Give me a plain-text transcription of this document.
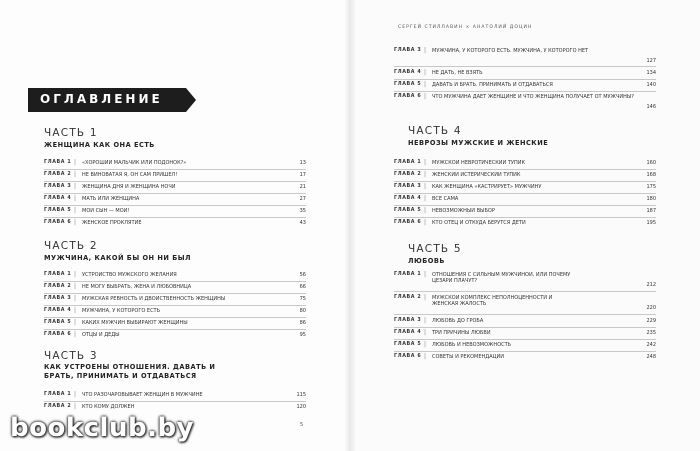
ОГЛАВЛЕНИЕ
ЧАСТЬ 1
ЖЕНЩИНА КАК ОНА ЕСТЬ
ГЛАВА 1 |	«ХОРОШИЙ МАЛЬЧИК ИЛИ ПОДОНОК?»	13
ГЛАВА 2 |	НЕ ВИНОВАТАЯ Я, ОН САМ ПРИШЕЛ!	17
ГЛАВА 3 |	ЖЕНЩИНА ДНЯ И ЖЕНЩИНА НОЧИ	21
ГЛАВА 4 |	МАТЬ ИЛИ ЖЕНЩИНА	27
ГЛАВА 5 |	МОЙ СЫН — МОЙ!	35
ГЛАВА 6 |	ЖЕНСКОЕ ПРОКЛЯТИЕ	43
ЧАСТЬ 2
МУЖЧИНА, КАКОЙ БЫ ОН НИ БЫЛ
ГЛАВА 1 |	УСТРОЙСТВО МУЖСКОГО ЖЕЛАНИЯ	56
ГЛАВА 2 |	НЕ МОГУ ВЫБРАТЬ, ЖЕНА И ЛЮБОВНИЦА	66
ГЛАВА 3 |	МУЖСКАЯ РЕВНОСТЬ И ДВОЙСТВЕННОСТЬ ЖЕНЩИНЫ	75
ГЛАВА 4 |	МУЖЧИНА, У КОТОРОГО ЕСТЬ	80
ГЛАВА 5 |	КАКИХ МУЖЧИН ВЫБИРАЮТ ЖЕНЩИНЫ	86
ГЛАВА 6 |	ОТЦЫ И ДЕДЫ	95
ЧАСТЬ 3
КАК УСТРОЕНЫ ОТНОШЕНИЯ. ДАВАТЬ И БРАТЬ, ПРИНИМАТЬ И ОТДАВАТЬСЯ
ГЛАВА 1 |	ЧТО РАЗОЧАРОВЫВАЕТ ЖЕНЩИН В МУЖЧИНЕ	115
ГЛАВА 2 |	КТО КОМУ ДОЛЖЕН	120
5
СЕРГЕЙ СТИЛЛАВИН × АНАТОЛИЙ ДОЦИН
ГЛАВА 3 |	МУЖЧИНА, У КОТОРОГО ЕСТЬ. МУЖЧИНА, У КОТОРОГО НЕТ
127
ГЛАВА 4 |	НЕ ДАТЬ, НЕ ВЗЯТЬ	134
ГЛАВА 5 |	ДАВАТЬ И БРАТЬ. ПРИНИМАТЬ И ОТДАВАТЬСЯ	140
ГЛАВА 6 |	ЧТО МУЖЧИНА ДАЕТ ЖЕНЩИНЕ И ЧТО ЖЕНЩИНА ПОЛУЧАЕТ ОТ МУЖЧИНЫ?
146
ЧАСТЬ 4
НЕВРОЗЫ МУЖСКИЕ И ЖЕНСКИЕ
ГЛАВА 1 |	МУЖСКОЙ НЕВРОТИЧЕСКИЙ ТУПИК	160
ГЛАВА 2 |	ЖЕНСКИЙ ИСТЕРИЧЕСКИЙ ТУПИК	168
ГЛАВА 3 |	КАК ЖЕНЩИНА «КАСТРИРУЕТ» МУЖЧИНУ	175
ГЛАВА 4 |	ВСЕ САМА	180
ГЛАВА 5 |	НЕВОЗМОЖНЫЙ ВЫБОР	187
ГЛАВА 6 |	КТО ОТЕЦ И ОТКУДА БЕРУТСЯ ДЕТИ	195
ЧАСТЬ 5
ЛЮБОВЬ
ГЛАВА 1 |	ОТНОШЕНИЯ С СИЛЬНЫМ МУЖЧИНОЙ, ИЛИ ПОЧЕМУ ЦЕЗАРИ ПЛАЧУТ?
212
ГЛАВА 2 |	МУЖСКОЙ КОМПЛЕКС НЕПОЛНОЦЕННОСТИ И ЖЕНСКАЯ ЖАЛОСТЬ
220
ГЛАВА 3 |	ЛЮБОВЬ ДО ГРОБА	229
ГЛАВА 4 |	ТРИ ПРИЧИНЫ ЛЮБВИ	235
ГЛАВА 5 |	ЛЮБОВЬ И НЕВОЗМОЖНОСТЬ	242
ГЛАВА 6 |	СОВЕТЫ И РЕКОМЕНДАЦИИ	248
bookclub.by
